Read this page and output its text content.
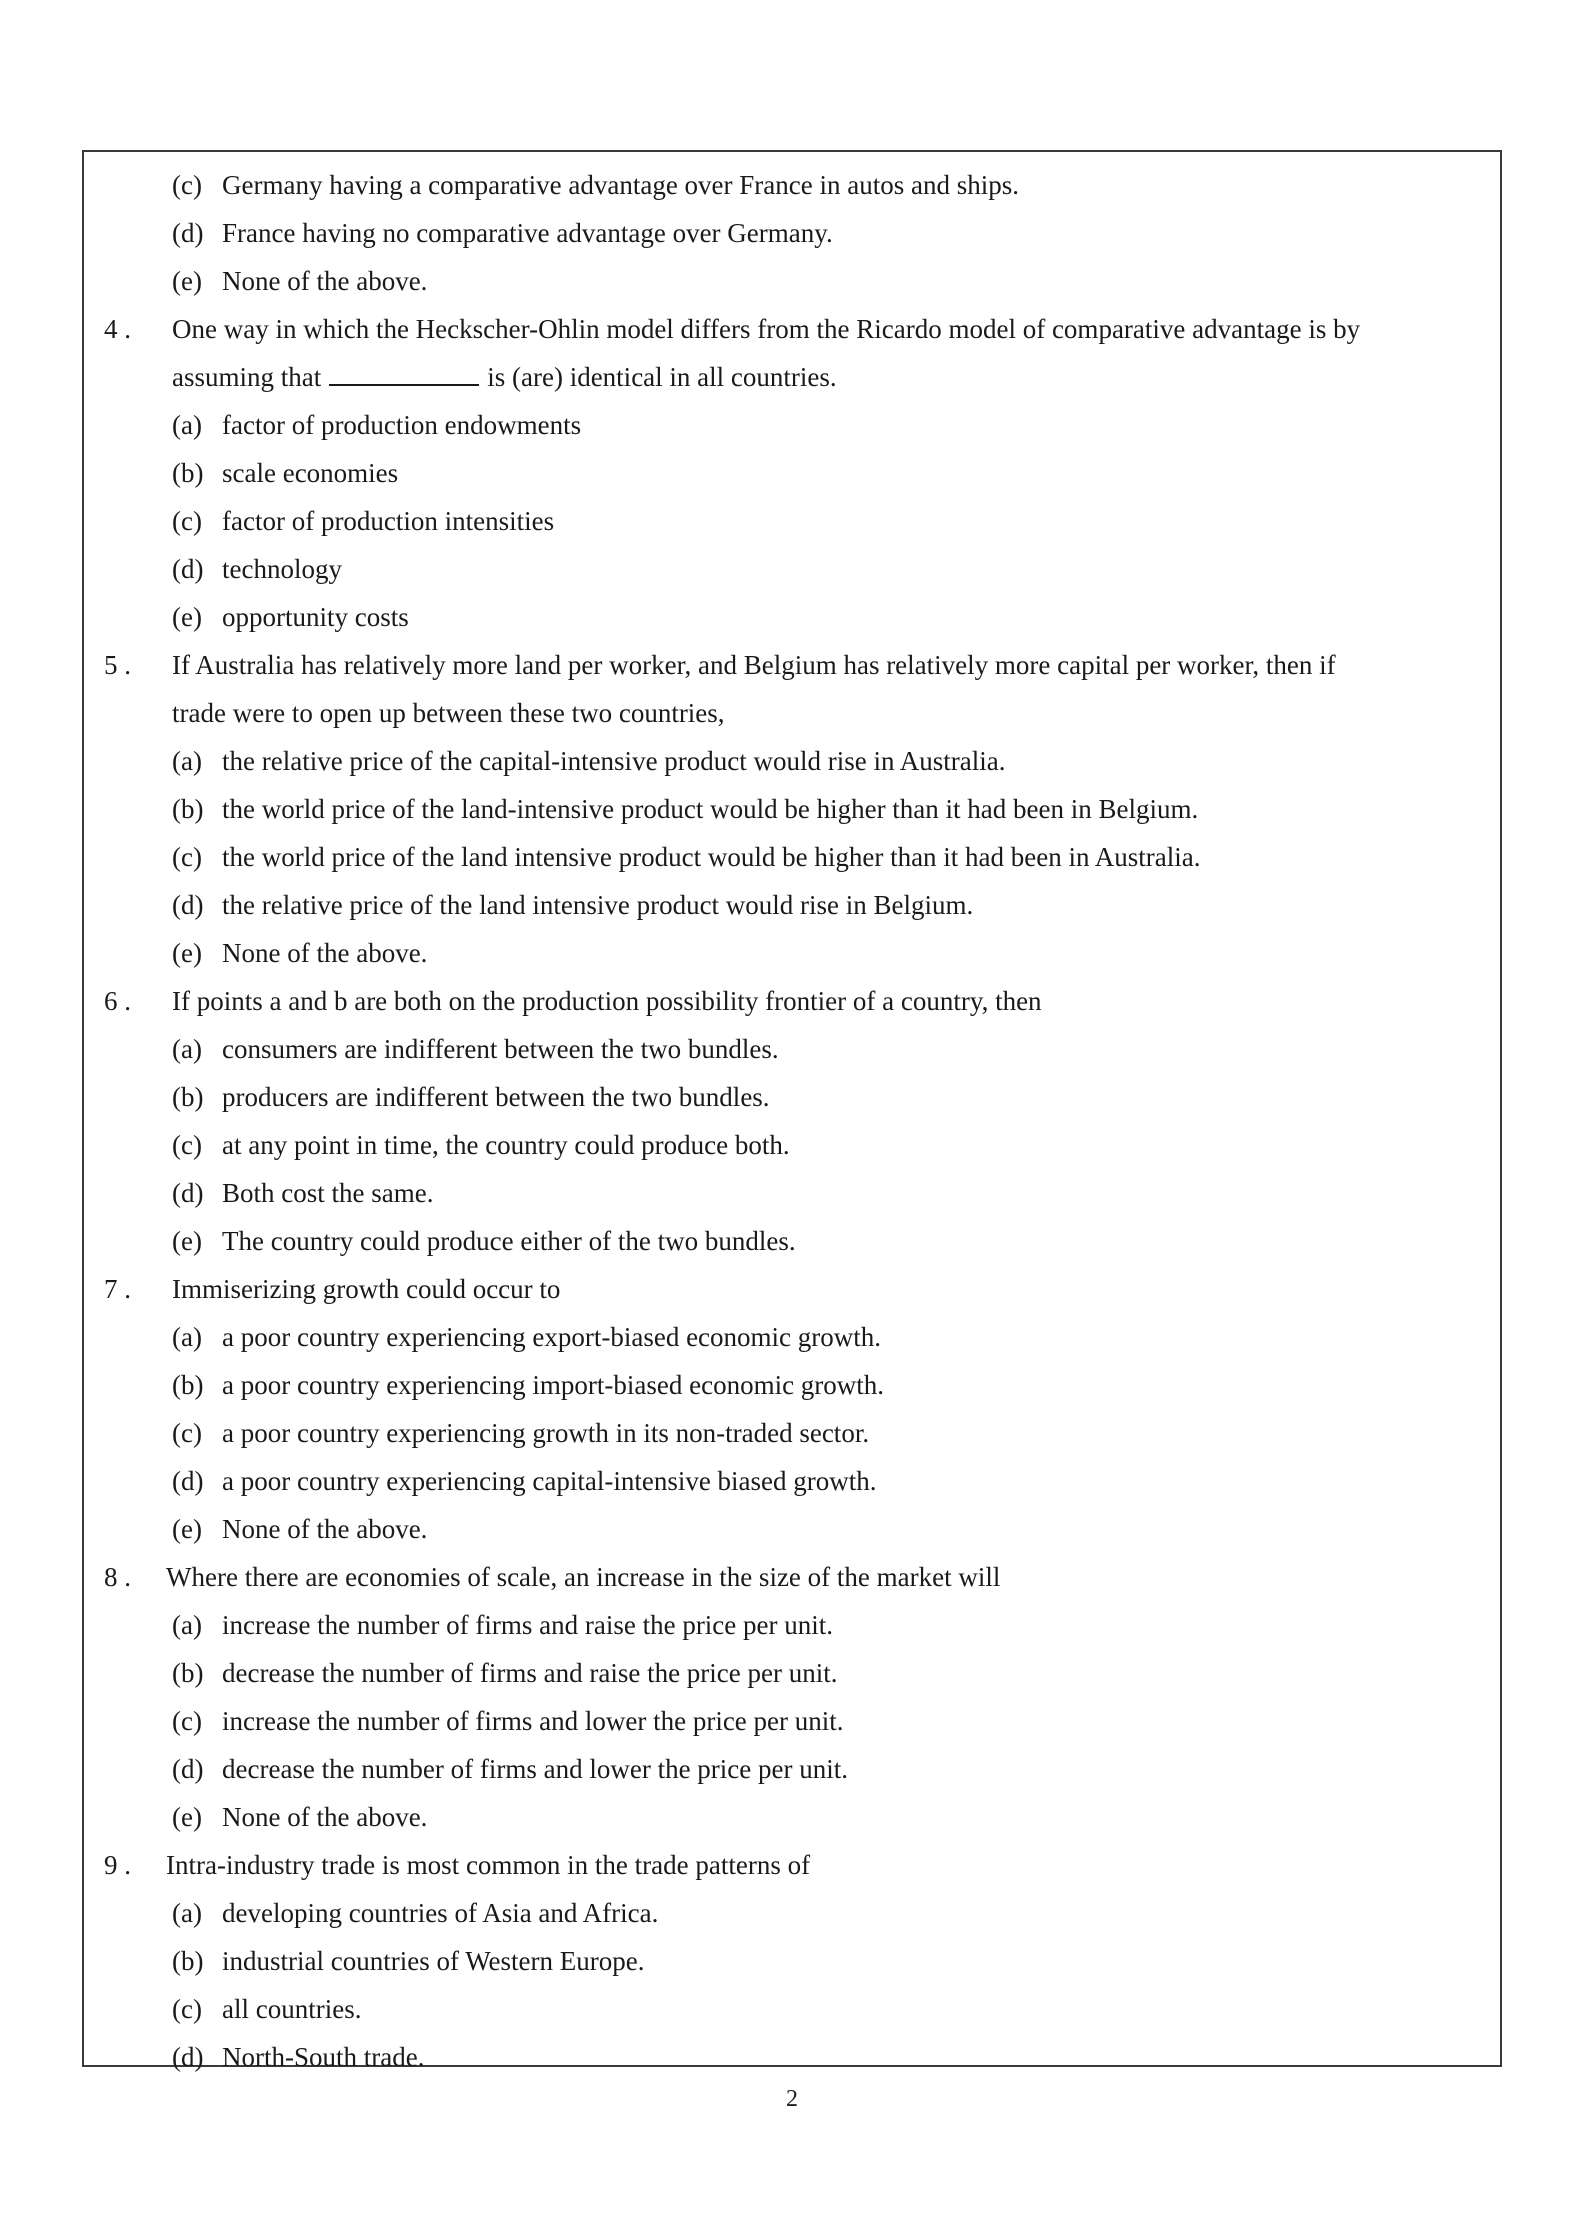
(c) Germany having a comparative advantage over France in autos and ships.
(d) France having no comparative advantage over Germany.
(e) None of the above.
4 .	One way in which the Heckscher-Ohlin model differs from the Ricardo model of comparative advantage is by
assuming that	is (are) identical in all countries.
(a) factor of production endowments
(b) scale economies
(c) factor of production intensities
(d) technology
(e) opportunity costs
5 .	If Australia has relatively more land per worker, and Belgium has relatively more capital per worker, then if
trade were to open up between these two countries,
(a) the relative price of the capital-intensive product would rise in Australia.
(b) the world price of the land-intensive product would be higher than it had been in Belgium.
(c) the world price of the land intensive product would be higher than it had been in Australia.
(d) the relative price of the land intensive product would rise in Belgium.
(e) None of the above.
6 .	If points a and b are both on the production possibility frontier of a country, then
(a) consumers are indifferent between the two bundles.
(b) producers are indifferent between the two bundles.
(c) at any point in time, the country could produce both.
(d) Both cost the same.
(e) The country could produce either of the two bundles.
7 .	Immiserizing growth could occur to
(a) a poor country experiencing export-biased economic growth.
(b) a poor country experiencing import-biased economic growth.
(c) a poor country experiencing growth in its non-traded sector.
(d) a poor country experiencing capital-intensive biased growth.
(e) None of the above.
8 .	Where there are economies of scale, an increase in the size of the market will
(a) increase the number of firms and raise the price per unit.
(b) decrease the number of firms and raise the price per unit.
(c) increase the number of firms and lower the price per unit.
(d) decrease the number of firms and lower the price per unit.
(e) None of the above.
9 .	Intra-industry trade is most common in the trade patterns of
(a) developing countries of Asia and Africa.
(b) industrial countries of Western Europe.
(c) all countries.
(d) North-South trade.
2
